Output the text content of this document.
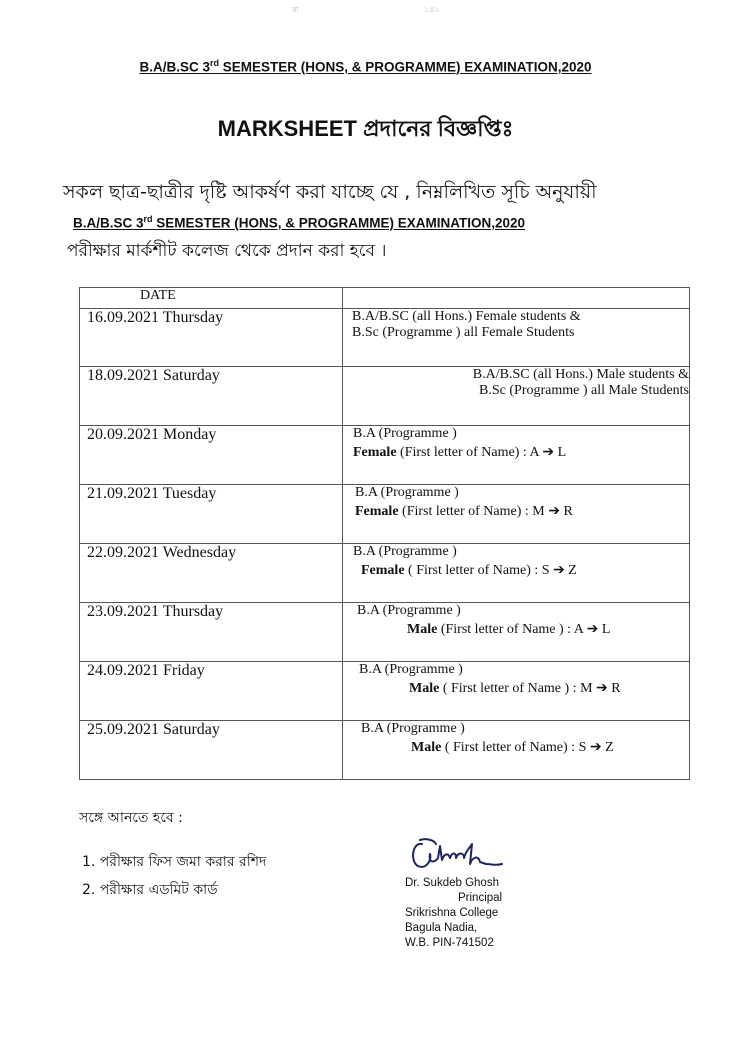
ৱা	১৪১
B.A/B.SC 3rd SEMESTER (HONS, & PROGRAMME) EXAMINATION,2020
MARKSHEET প্রদানের বিজ্ঞপ্তিঃ
সকল ছাত্র-ছাত্রীর দৃষ্টি আকর্ষণ করা যাচ্ছে যে , নিম্নলিখিত সূচি অনুযায়ী
B.A/B.SC 3rd SEMESTER (HONS, & PROGRAMME) EXAMINATION,2020
পরীক্ষার মার্কশীট কলেজ থেকে প্রদান করা হবে ।
DATE	
16.09.2021 Thursday	B.A/B.SC (all Hons.) Female students &
B.Sc (Programme ) all Female Students

18.09.2021 Saturday	B.A/B.SC (all Hons.) Male students &
B.Sc (Programme ) all Male Students

20.09.2021 Monday	B.A (Programme )
Female (First letter of Name) : A ➔ L

21.09.2021 Tuesday	B.A (Programme )
Female (First letter of Name) : M ➔ R

22.09.2021 Wednesday	B.A (Programme )
Female ( First letter of Name) : S ➔ Z

23.09.2021 Thursday	B.A (Programme )
Male (First letter of Name ) : A ➔ L

24.09.2021 Friday	B.A (Programme )
Male ( First letter of Name ) : M ➔ R

25.09.2021 Saturday	B.A (Programme )
Male ( First letter of Name) : S ➔ Z
সঙ্গে আনতে হবে :
1. পরীক্ষার ফিস জমা করার রশিদ
2. পরীক্ষার এডমিট কার্ড	Dr. Sukdeb Ghosh
Principal
Srikrishna College
Bagula Nadia,
W.B. PIN-741502
